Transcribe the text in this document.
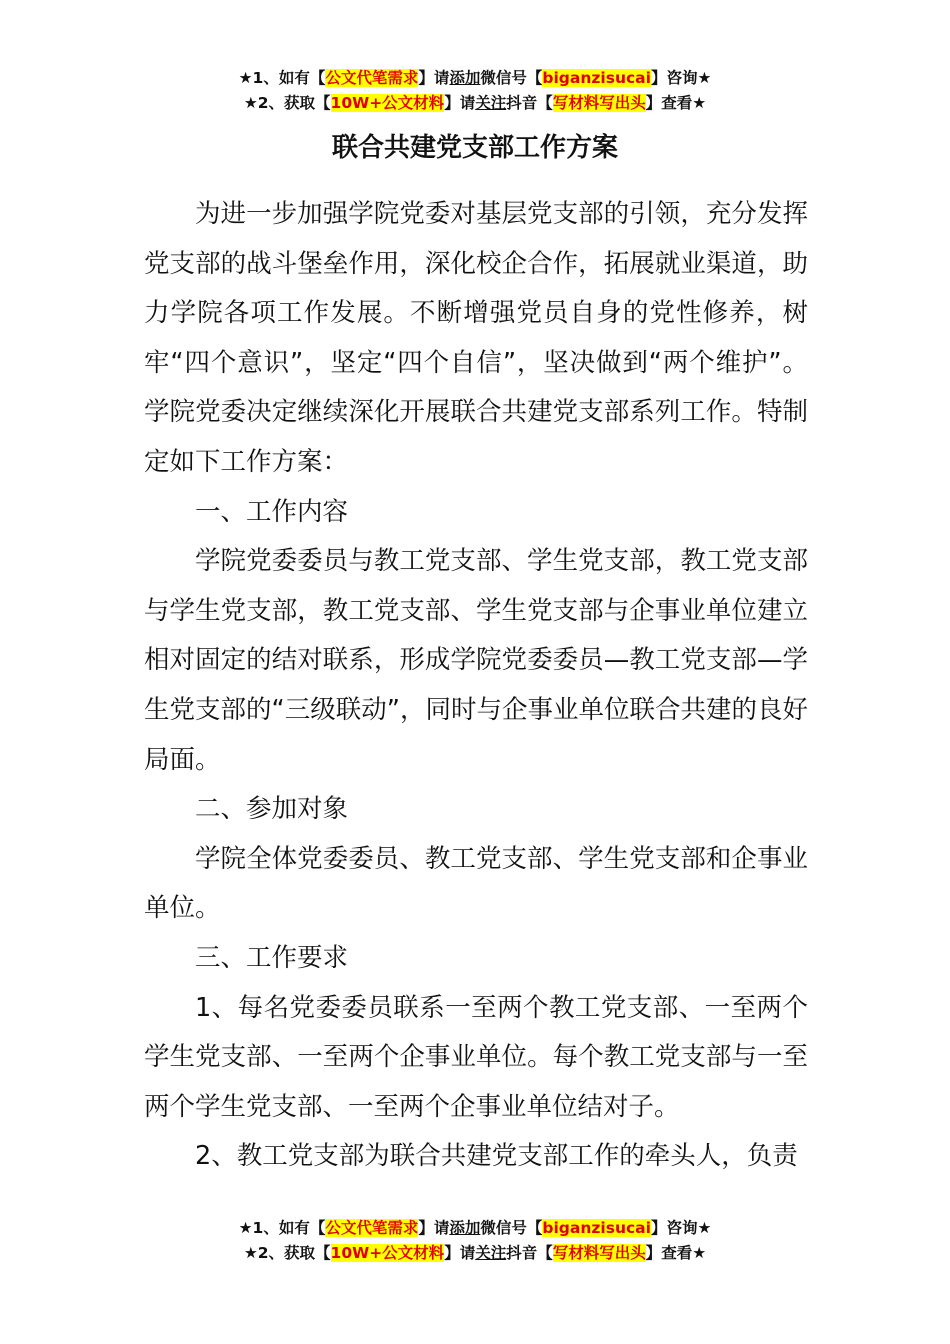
★1、如有【公文代笔需求】请添加微信号【biganzisucai】咨询★
★2、获取【10W+公文材料】请关注抖音【写材料写出头】查看★
联合共建党支部工作方案

为进一步加强学院党委对基层党支部的引领，充分发挥党支部的战斗堡垒作用，深化校企合作，拓展就业渠道，助力学院各项工作发展。不断增强党员自身的党性修养，树牢“四个意识”，坚定“四个自信”，坚决做到“两个维护”。学院党委决定继续深化开展联合共建党支部系列工作。特制定如下工作方案：

一、工作内容

学院党委委员与教工党支部、学生党支部，教工党支部与学生党支部，教工党支部、学生党支部与企事业单位建立相对固定的结对联系，形成学院党委委员—教工党支部—学生党支部的“三级联动”，同时与企事业单位联合共建的良好局面。

二、参加对象

学院全体党委委员、教工党支部、学生党支部和企事业单位。

三、工作要求

1、每名党委委员联系一至两个教工党支部、一至两个学生党支部、一至两个企事业单位。每个教工党支部与一至两个学生党支部、一至两个企事业单位结对子。

2、教工党支部为联合共建党支部工作的牵头人，负责

★1、如有【公文代笔需求】请添加微信号【biganzisucai】咨询★
★2、获取【10W+公文材料】请关注抖音【写材料写出头】查看★
